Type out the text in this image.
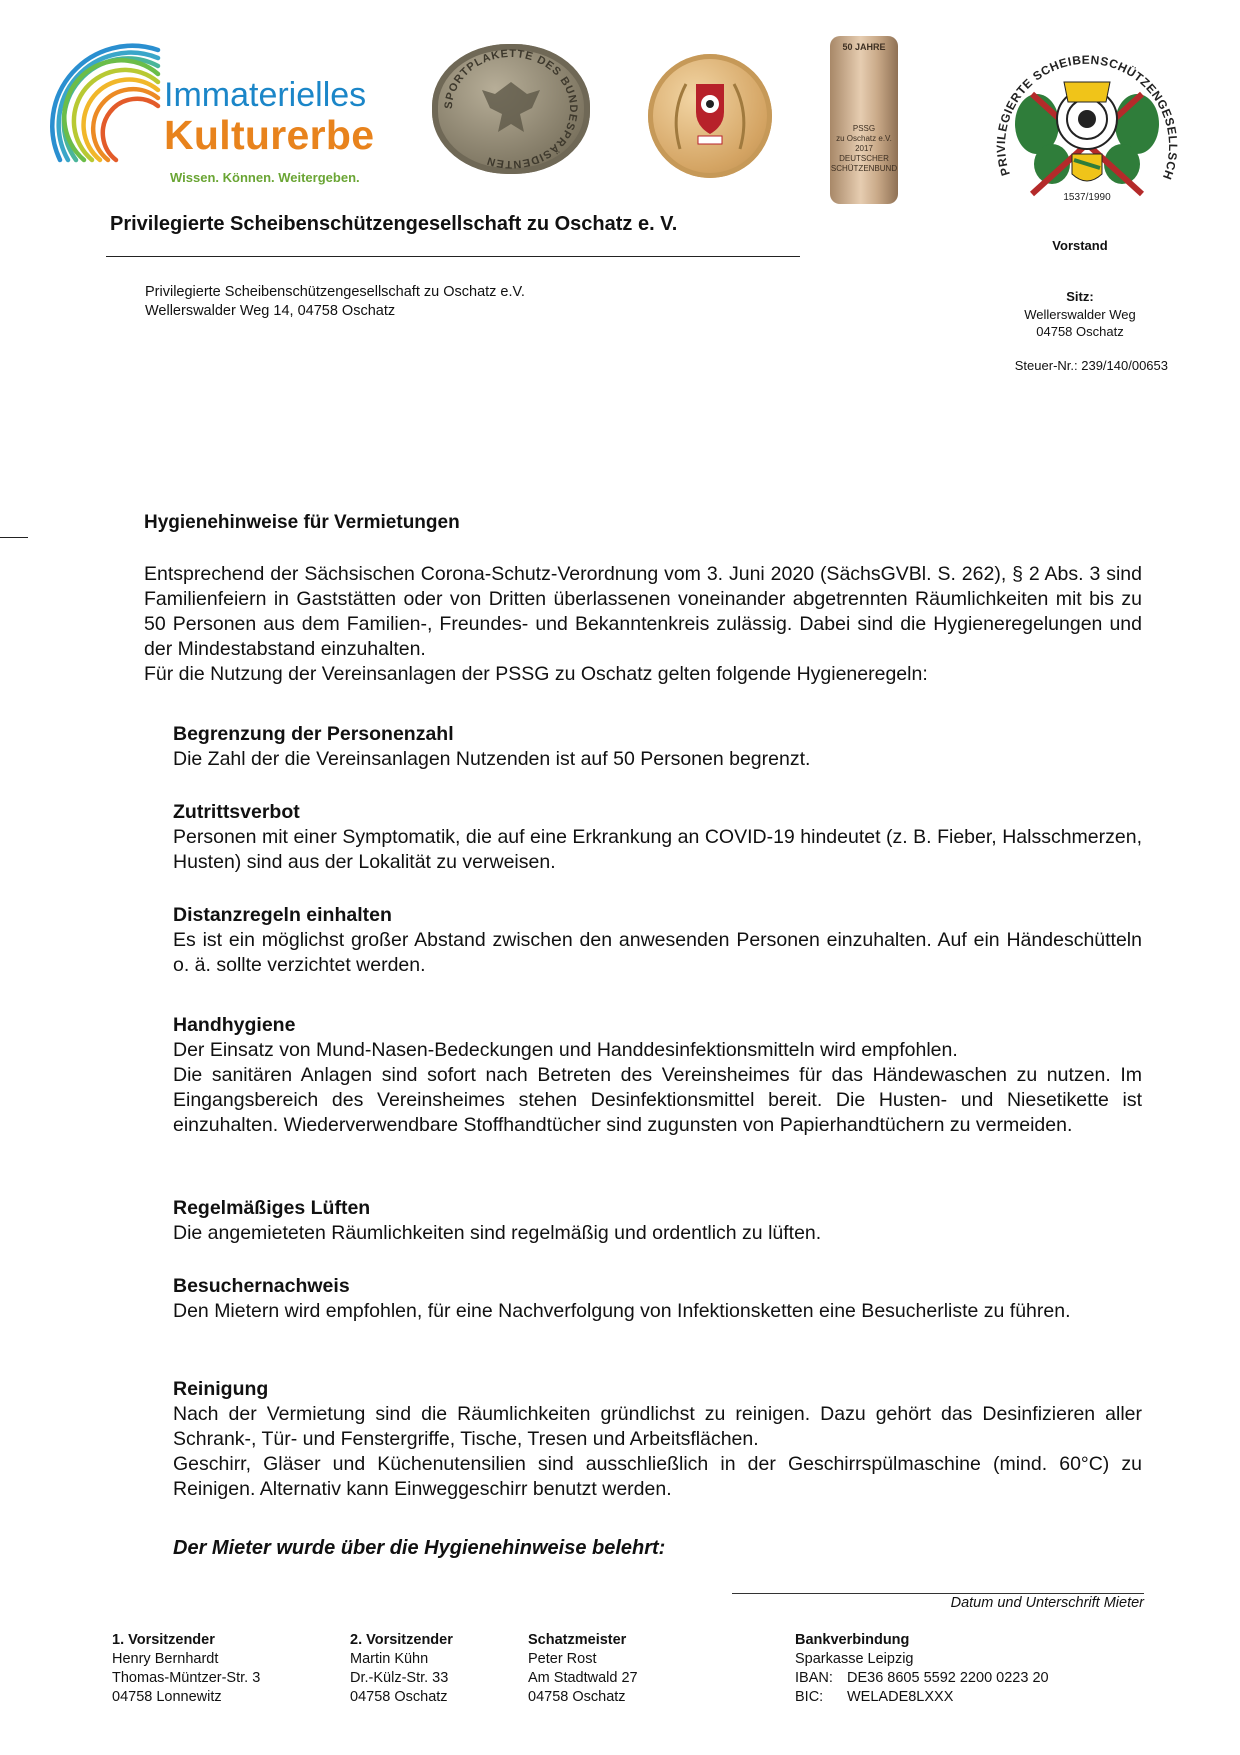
Immaterielles
Kulturerbe
Wissen. Können. Weitergeben.
SPORTPLAKETTE DES BUNDESPRÄSIDENTEN
50 JAHRE
PSSG
zu Oschatz e.V.
2017
DEUTSCHER
SCHÜTZENBUND	PRIVILEGIERTE SCHEIBENSCHÜTZENGESELLSCH
1537/1990
Privilegierte Scheibenschützengesellschaft zu Oschatz e. V.
Vorstand
Privilegierte Scheibenschützengesellschaft zu Oschatz e.V.
Wellerswalder Weg 14, 04758 Oschatz
Sitz:
Wellerswalder Weg
04758 Oschatz
Steuer-Nr.: 239/140/00653
Hygienehinweise für Vermietungen
Entsprechend der Sächsischen Corona-Schutz-Verordnung vom 3. Juni 2020 (SächsGVBl. S. 262), § 2 Abs. 3 sind Familienfeiern in Gaststätten oder von Dritten überlassenen voneinander abgetrennten Räumlichkeiten mit bis zu 50 Personen aus dem Familien-, Freundes- und Bekanntenkreis zulässig. Dabei sind die Hygieneregelungen und der Mindestabstand einzuhalten.
Für die Nutzung der Vereinsanlagen der PSSG zu Oschatz gelten folgende Hygieneregeln:
Begrenzung der Personenzahl
Die Zahl der die Vereinsanlagen Nutzenden ist auf 50 Personen begrenzt.
Zutrittsverbot
Personen mit einer Symptomatik, die auf eine Erkrankung an COVID-19 hindeutet (z. B. Fieber, Halsschmerzen, Husten) sind aus der Lokalität zu verweisen.
Distanzregeln einhalten
Es ist ein möglichst großer Abstand zwischen den anwesenden Personen einzuhalten. Auf ein Händeschütteln o. ä. sollte verzichtet werden.
Handhygiene
Der Einsatz von Mund-Nasen-Bedeckungen und Handdesinfektionsmitteln wird empfohlen.
Die sanitären Anlagen sind sofort nach Betreten des Vereinsheimes für das Händewaschen zu nutzen. Im Eingangsbereich des Vereinsheimes stehen Desinfektionsmittel bereit. Die Husten- und Niesetikette ist einzuhalten. Wiederverwendbare Stoffhandtücher sind zugunsten von Papierhandtüchern zu vermeiden.
Regelmäßiges Lüften
Die angemieteten Räumlichkeiten sind regelmäßig und ordentlich zu lüften.
Besuchernachweis
Den Mietern wird empfohlen, für eine Nachverfolgung von Infektionsketten eine Besucherliste zu führen.
Reinigung
Nach der Vermietung sind die Räumlichkeiten gründlichst zu reinigen. Dazu gehört das Desinfizieren aller Schrank-, Tür- und Fenstergriffe, Tische, Tresen und Arbeitsflächen.
Geschirr, Gläser und Küchenutensilien sind ausschließlich in der Geschirrspülmaschine (mind. 60°C) zu Reinigen. Alternativ kann Einweggeschirr benutzt werden.
Der Mieter wurde über die Hygienehinweise belehrt:
Datum und Unterschrift Mieter
1. Vorsitzender
Henry Bernhardt
Thomas-Müntzer-Str. 3
04758 Lonnewitz
2. Vorsitzender
Martin Kühn
Dr.-Külz-Str. 33
04758 Oschatz
Schatzmeister
Peter Rost
Am Stadtwald 27
04758 Oschatz
Bankverbindung
Sparkasse Leipzig
IBAN: DE36 8605 5592 2200 0223 20
BIC: WELADE8LXXX
